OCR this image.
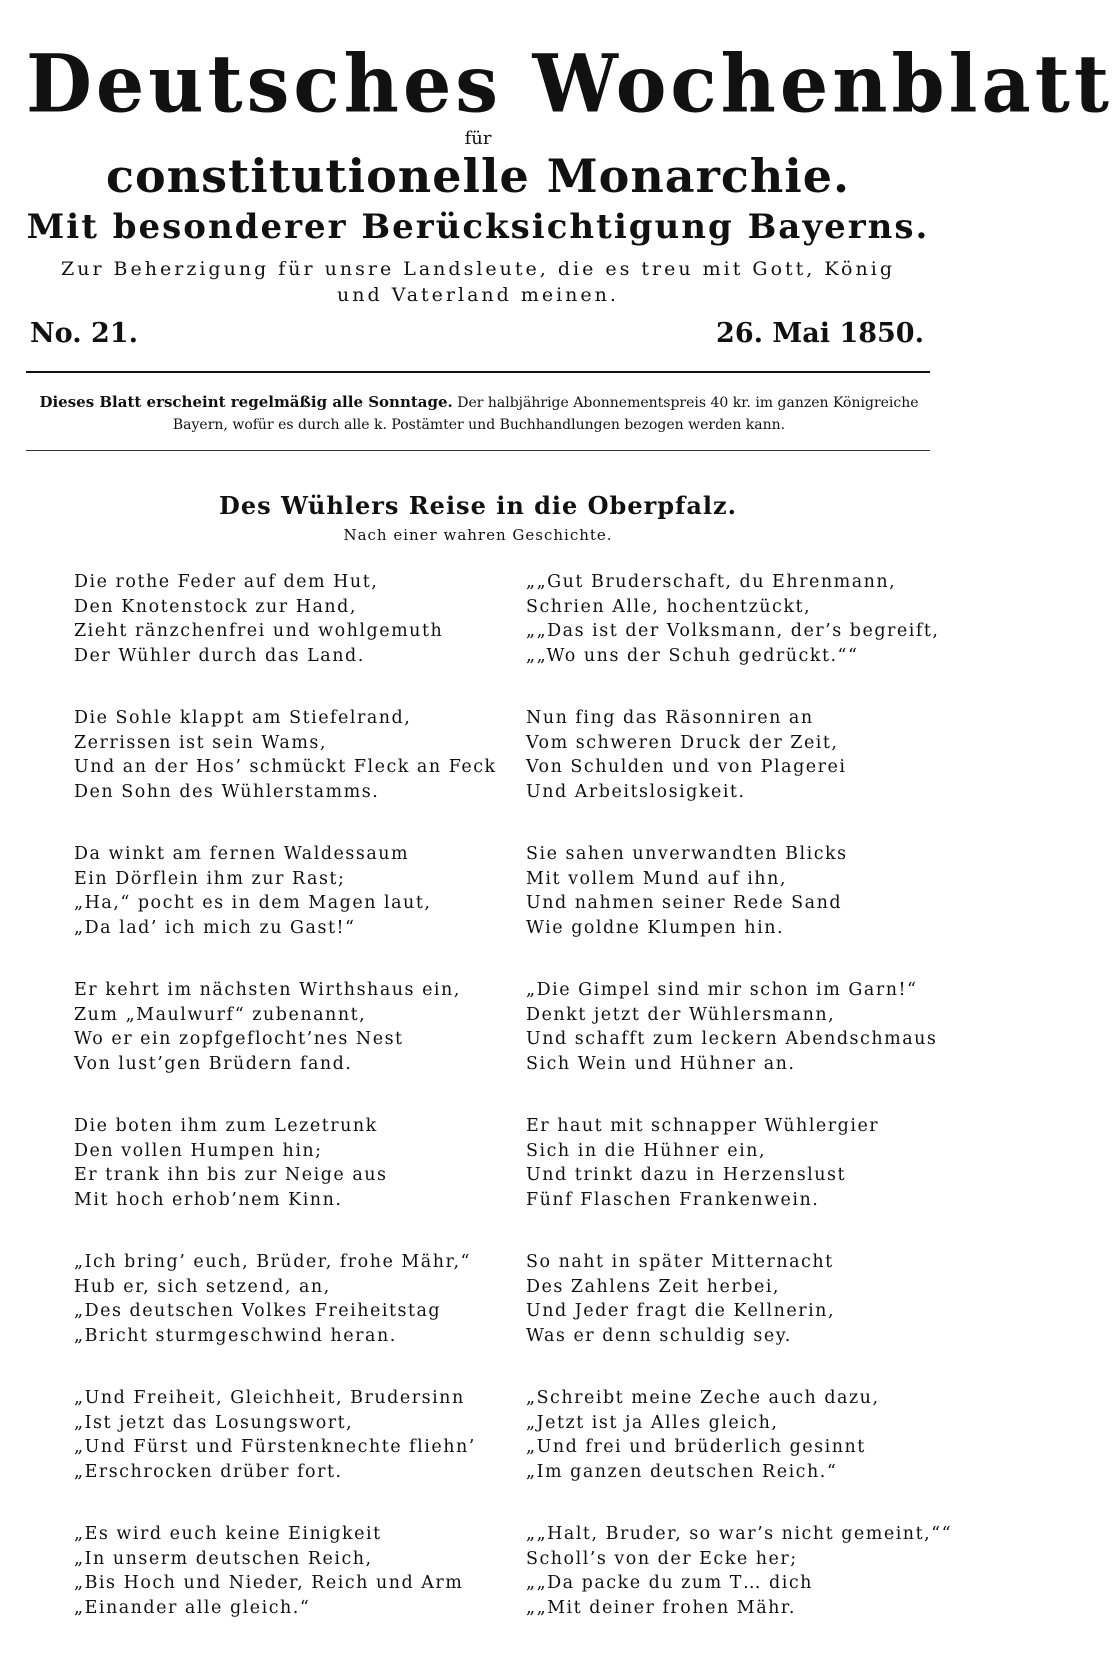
Deutsches Wochenblatt
für
constitutionelle Monarchie.
Mit besonderer Berücksichtigung Bayerns.

Zur Beherzigung für unsre Landsleute, die es treu mit Gott, König und Vaterland meinen.

No. 21.	26. Mai 1850.
Dieses Blatt erscheint regelmäßig alle Sonntage. Der halbjährige Abonnementspreis 40 kr. im ganzen Königreiche Bayern, wofür es durch alle k. Postämter und Buchhandlungen bezogen werden kann.
Des Wühlers Reise in die Oberpfalz.
Nach einer wahren Geschichte.
Die rothe Feder auf dem Hut,
Den Knotenstock zur Hand,
Zieht ränzchenfrei und wohlgemuth
Der Wühler durch das Land.
Die Sohle klappt am Stiefelrand,
Zerrissen ist sein Wams,
Und an der Hos’ schmückt Fleck an Feck
Den Sohn des Wühlerstamms.
Da winkt am fernen Waldessaum
Ein Dörflein ihm zur Rast;
„Ha,“ pocht es in dem Magen laut,
„Da lad’ ich mich zu Gast!“
Er kehrt im nächsten Wirthshaus ein,
Zum „Maulwurf“ zubenannt,
Wo er ein zopfgeflocht’nes Nest
Von lust’gen Brüdern fand.
Die boten ihm zum Lezetrunk
Den vollen Humpen hin;
Er trank ihn bis zur Neige aus
Mit hoch erhob’nem Kinn.
„Ich bring’ euch, Brüder, frohe Mähr,“
Hub er, sich setzend, an,
„Des deutschen Volkes Freiheitstag
„Bricht sturmgeschwind heran.
„Und Freiheit, Gleichheit, Brudersinn
„Ist jetzt das Losungswort,
„Und Fürst und Fürstenknechte fliehn’
„Erschrocken drüber fort.
„Es wird euch keine Einigkeit
„In unserm deutschen Reich,
„Bis Hoch und Nieder, Reich und Arm
„Einander alle gleich.“
„„Gut Bruderschaft, du Ehrenmann,
Schrien Alle, hochentzückt,
„„Das ist der Volksmann, der’s begreift,
„„Wo uns der Schuh gedrückt.““
Nun fing das Räsonniren an
Vom schweren Druck der Zeit,
Von Schulden und von Plagerei
Und Arbeitslosigkeit.
Sie sahen unverwandten Blicks
Mit vollem Mund auf ihn,
Und nahmen seiner Rede Sand
Wie goldne Klumpen hin.
„Die Gimpel sind mir schon im Garn!“
Denkt jetzt der Wühlersmann,
Und schafft zum leckern Abendschmaus
Sich Wein und Hühner an.
Er haut mit schnapper Wühlergier
Sich in die Hühner ein,
Und trinkt dazu in Herzenslust
Fünf Flaschen Frankenwein.
So naht in später Mitternacht
Des Zahlens Zeit herbei,
Und Jeder fragt die Kellnerin,
Was er denn schuldig sey.
„Schreibt meine Zeche auch dazu,
„Jetzt ist ja Alles gleich,
„Und frei und brüderlich gesinnt
„Im ganzen deutschen Reich.“
„„Halt, Bruder, so war’s nicht gemeint,““
Scholl’s von der Ecke her;
„„Da packe du zum T… dich
„„Mit deiner frohen Mähr.
